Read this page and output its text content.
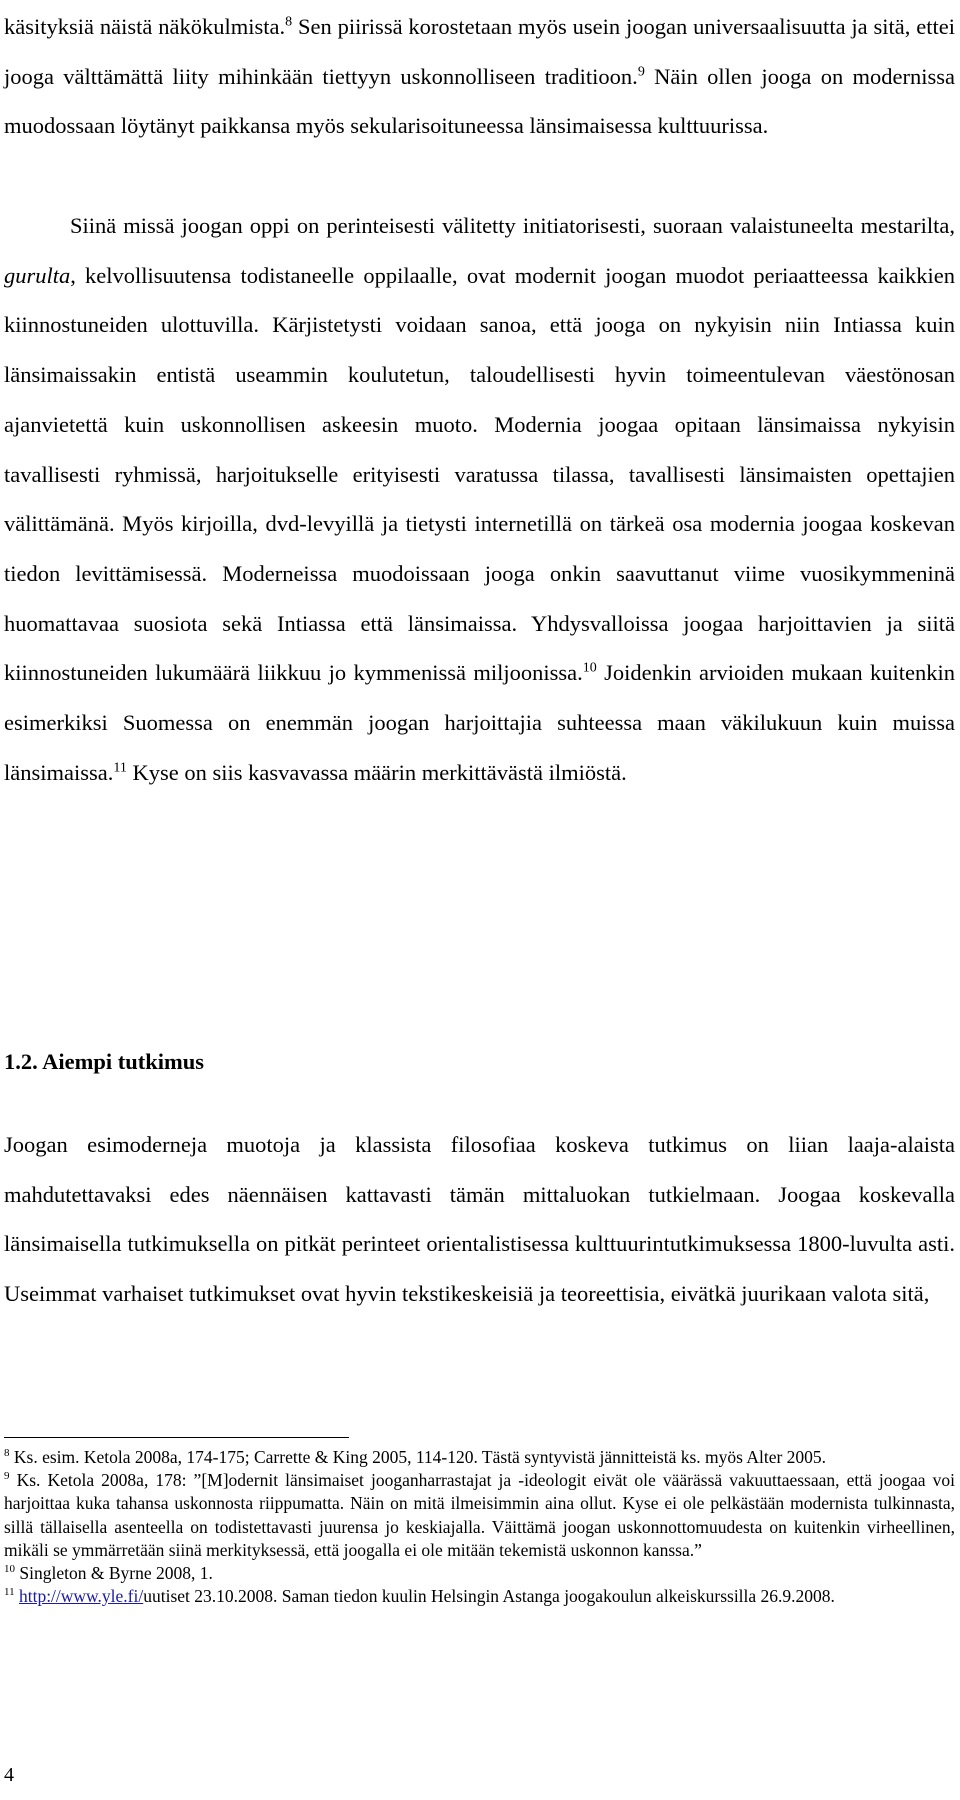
käsityksiä näistä näkökulmista.$^8$ Sen piirissä korostetaan myös usein joogan universaalisuutta ja sitä, ettei jooga välttämättä liity mihinkään tiettyyn uskonnolliseen traditioon.$^9$ Näin ollen jooga on modernissa muodossaan löytänyt paikkansa myös sekularisoituneessa länsimaisessa kulttuurissa.

Siinä missä joogan oppi on perinteisesti välitetty initiatorisesti, suoraan valaistuneelta mestarilta, gurulta, kelvollisuutensa todistaneelle oppilaalle, ovat modernit joogan muodot periaatteessa kaikkien kiinnostuneiden ulottuvilla. Kärjistetysti voidaan sanoa, että jooga on nykyisin niin Intiassa kuin länsimaissakin entistä useammin koulutetun, taloudellisesti hyvin toimeentulevan väestönosan ajanvietettä kuin uskonnollisen askeesin muoto. Modernia joogaa opitaan länsimaissa nykyisin tavallisesti ryhmissä, harjoitukselle erityisesti varatussa tilassa, tavallisesti länsimaisten opettajien välittämänä. Myös kirjoilla, dvd-levyillä ja tietysti internetillä on tärkeä osa modernia joogaa koskevan tiedon levittämisessä. Moderneissa muodoissaan jooga onkin saavuttanut viime vuosikymmeninä huomattavaa suosiota sekä Intiassa että länsimaissa. Yhdysvalloissa joogaa harjoittavien ja siitä kiinnostuneiden lukumäärä liikkuu jo kymmenissä miljoonissa.$^{10}$ Joidenkin arvioiden mukaan kuitenkin esimerkiksi Suomessa on enemmän joogan harjoittajia suhteessa maan väkilukuun kuin muissa länsimaissa.$^{11}$ Kyse on siis kasvavassa määrin merkittävästä ilmiöstä.

1.2. Aiempi tutkimus

Joogan esimoderneja muotoja ja klassista filosofiaa koskeva tutkimus on liian laaja-alaista mahdutettavaksi edes näennäisen kattavasti tämän mittaluokan tutkielmaan. Joogaa koskevalla länsimaisella tutkimuksella on pitkät perinteet orientalistisessa kulttuurintutkimuksessa 1800-luvulta asti. Useimmat varhaiset tutkimukset ovat hyvin tekstikeskeisiä ja teoreettisia, eivätkä juurikaan valota sitä,

$^8$ Ks. esim. Ketola 2008a, 174-175; Carrette & King 2005, 114-120. Tästä syntyvistä jännitteistä ks. myös Alter 2005.

$^9$ Ks. Ketola 2008a, 178: ”[M]odernit länsimaiset jooganharrastajat ja -ideologit eivät ole väärässä vakuuttaessaan, että joogaa voi harjoittaa kuka tahansa uskonnosta riippumatta. Näin on mitä ilmeisimmin aina ollut. Kyse ei ole pelkästään modernista tulkinnasta, sillä tällaisella asenteella on todistettavasti juurensa jo keskiajalla. Väittämä joogan uskonnottomuudesta on kuitenkin virheellinen, mikäli se ymmärretään siinä merkityksessä, että joogalla ei ole mitään tekemistä uskonnon kanssa.”

$^{10}$ Singleton & Byrne 2008, 1.

$^{11}$ http://www.yle.fi/uutiset 23.10.2008. Saman tiedon kuulin Helsingin Astanga joogakoulun alkeiskurssilla 26.9.2008.

4
